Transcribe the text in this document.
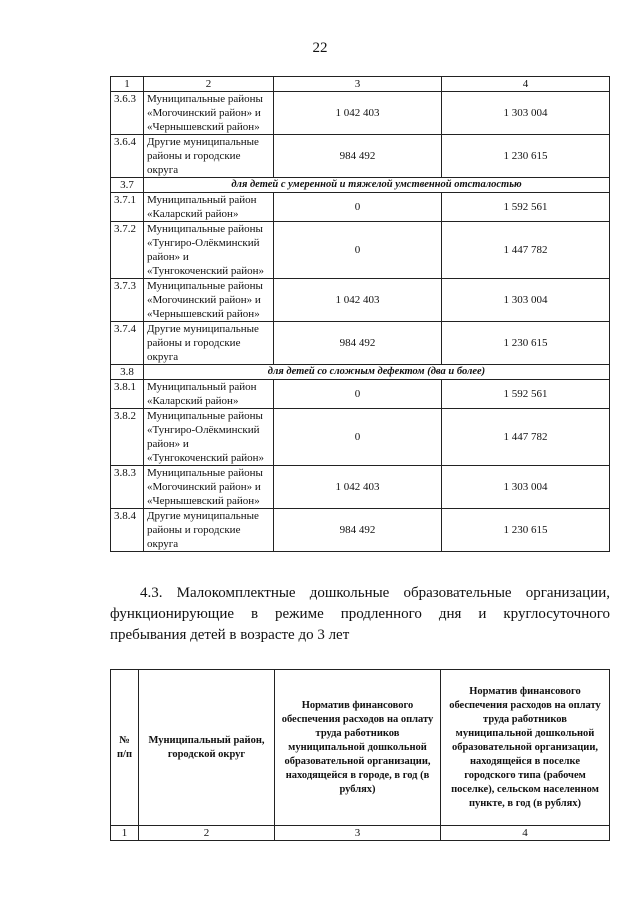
22
1	2	3	4
3.6.3	Муниципальные районы «Могочинский район» и «Чернышевский район»	1 042 403	1 303 004
3.6.4	Другие муниципальные районы и городские округа	984 492	1 230 615
3.7	для детей с умеренной и тяжелой умственной отсталостью		
3.7.1	Муниципальный район «Каларский район»	0	1 592 561
3.7.2	Муниципальные районы «Тунгиро-Олёкминский район» и «Тунгокоченский район»	0	1 447 782
3.7.3	Муниципальные районы «Могочинский район» и «Чернышевский район»	1 042 403	1 303 004
3.7.4	Другие муниципальные районы и городские округа	984 492	1 230 615
3.8	для детей со сложным дефектом (два и более)		
3.8.1	Муниципальный район «Каларский район»	0	1 592 561
3.8.2	Муниципальные районы «Тунгиро-Олёкминский район» и «Тунгокоченский район»	0	1 447 782
3.8.3	Муниципальные районы «Могочинский район» и «Чернышевский район»	1 042 403	1 303 004
3.8.4	Другие муниципальные районы и городские округа	984 492	1 230 615
4.3. Малокомплектные дошкольные образовательные организации, функционирующие в режиме продленного дня и круглосуточного пребывания детей в возрасте до 3 лет
№ п/п	Муниципальный район, городской округ	Норматив финансового обеспечения расходов на оплату труда работников муниципальной дошкольной образовательной организации, находящейся в городе, в год (в рублях)	Норматив финансового обеспечения расходов на оплату труда работников муниципальной дошкольной образовательной организации, находящейся в поселке городского типа (рабочем поселке), сельском населенном пункте, в год (в рублях)
1	2	3	4
